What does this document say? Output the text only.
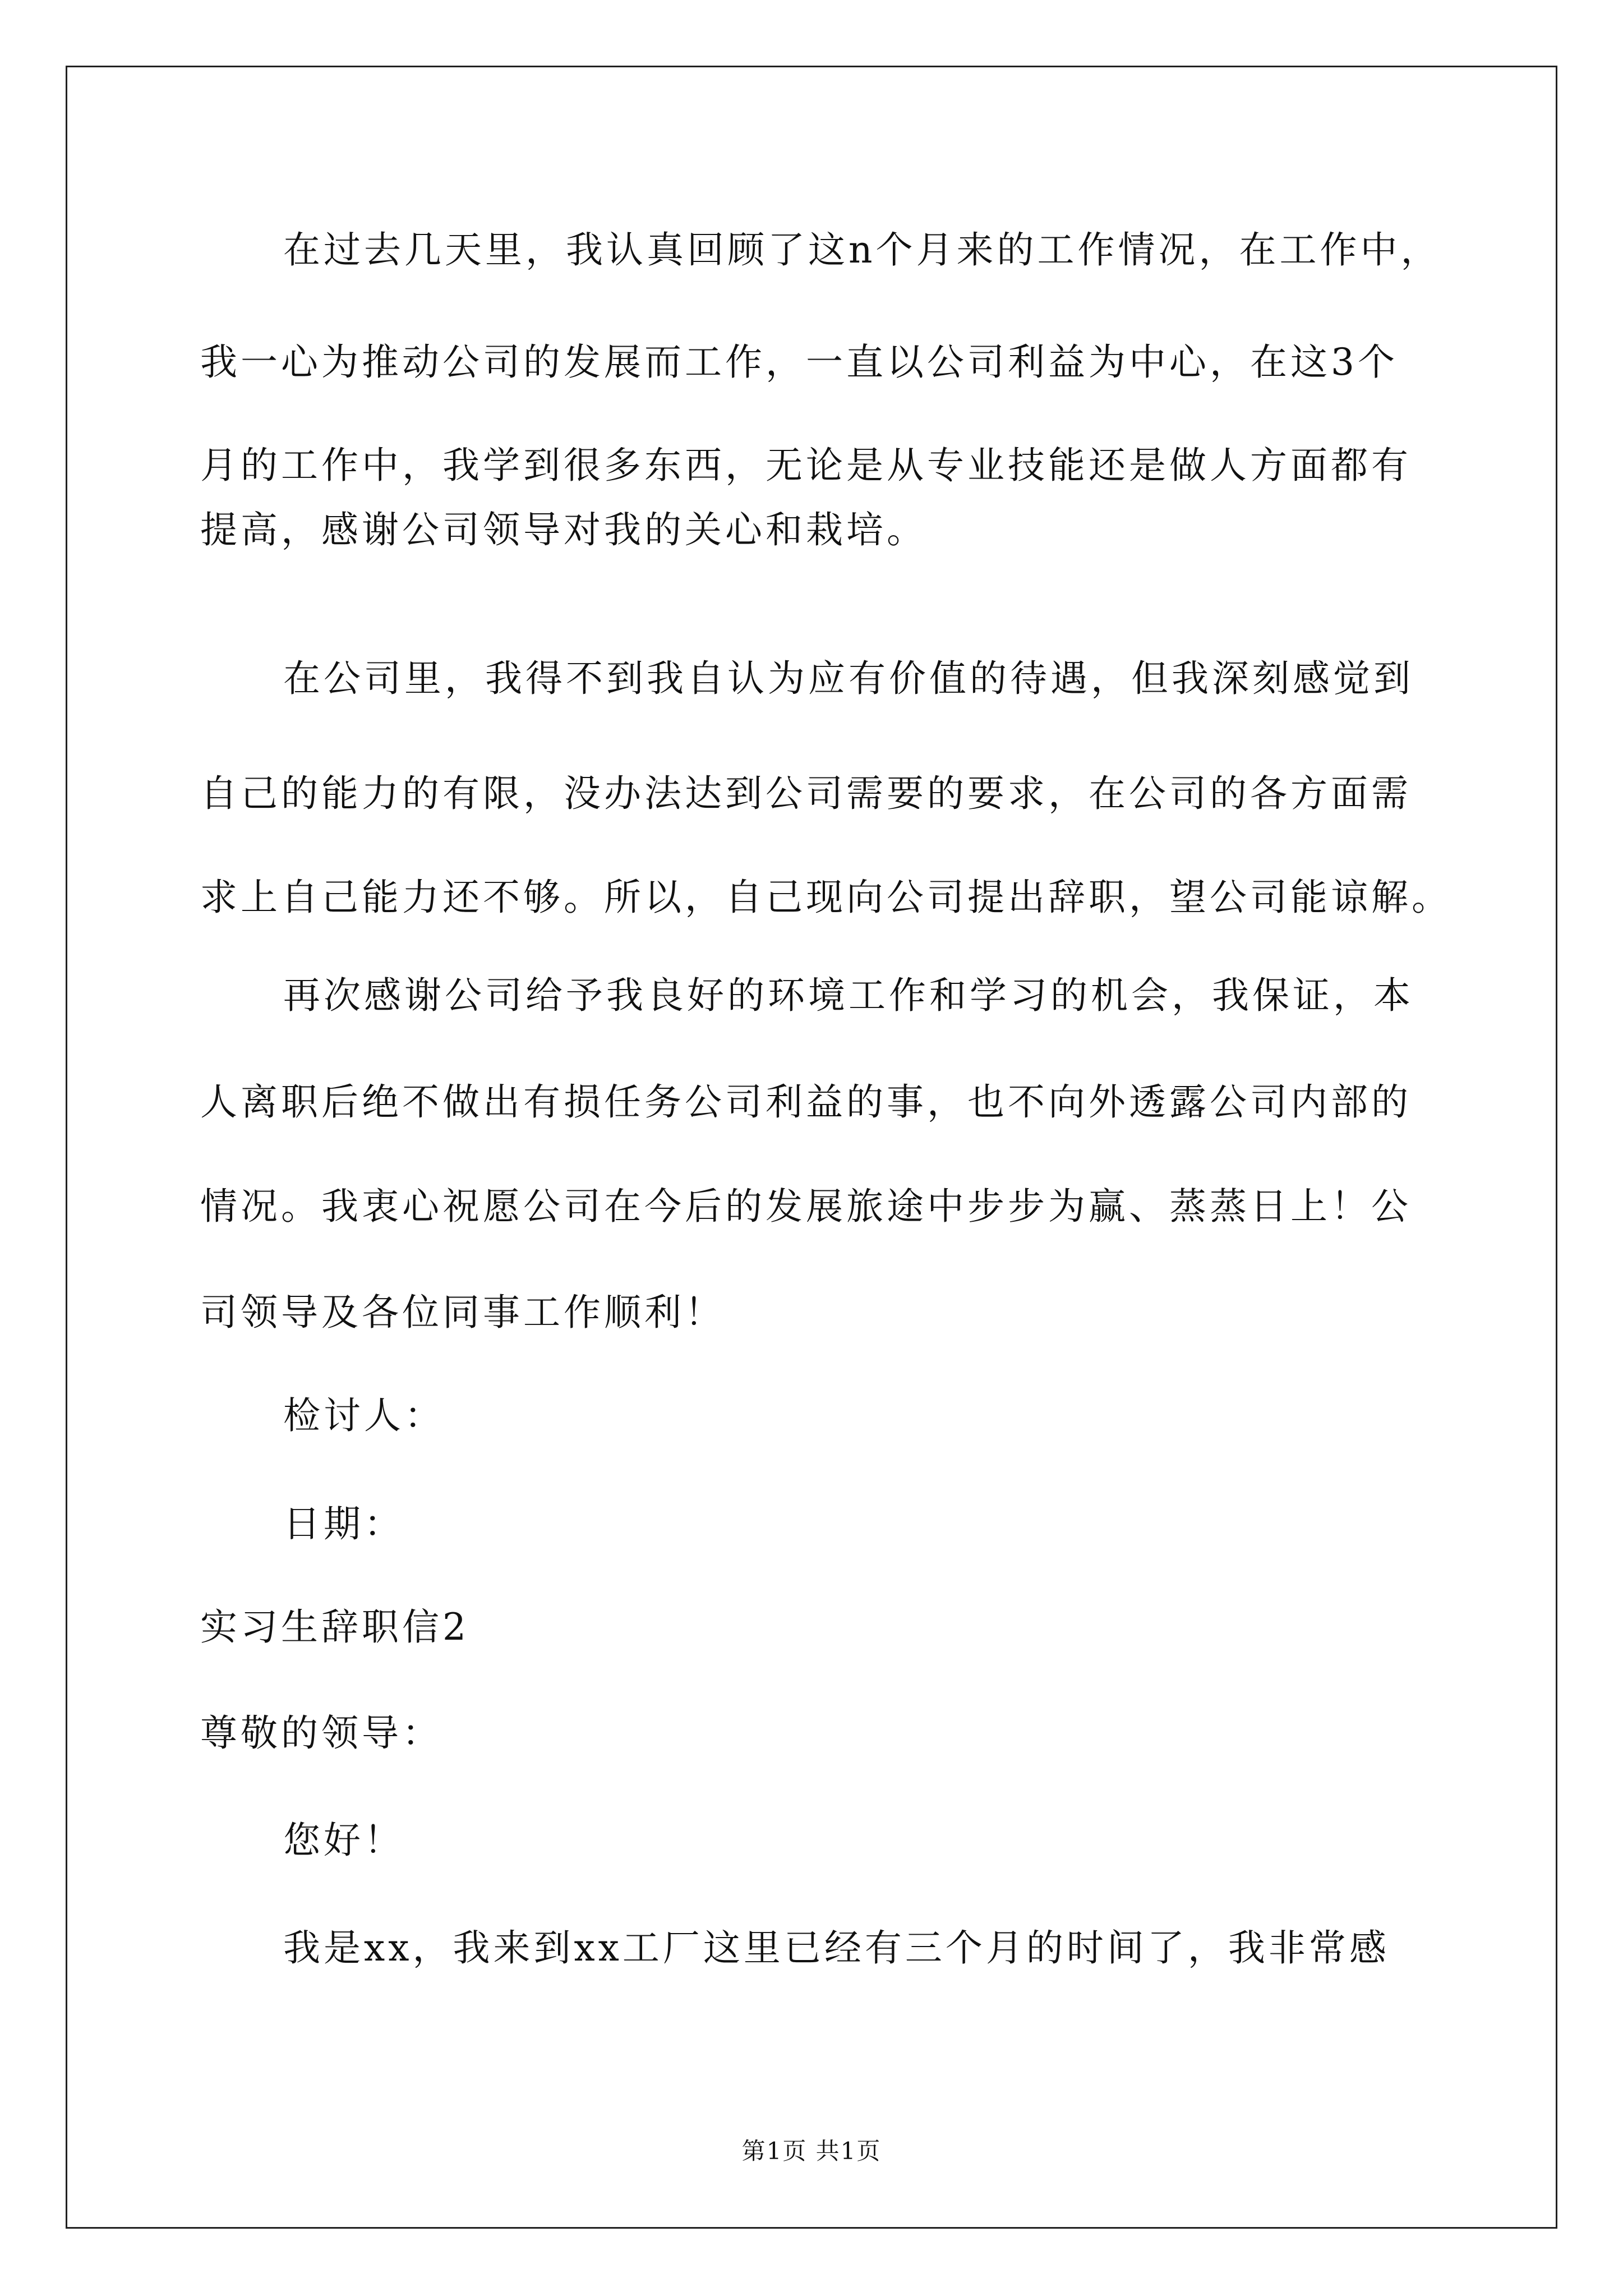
在过去几天里，我认真回顾了这n个月来的工作情况，在工作中，
我一心为推动公司的发展而工作，一直以公司利益为中心，在这3个
月的工作中，我学到很多东西，无论是从专业技能还是做人方面都有
提高，感谢公司领导对我的关心和栽培。
在公司里，我得不到我自认为应有价值的待遇，但我深刻感觉到
自己的能力的有限，没办法达到公司需要的要求，在公司的各方面需
求上自己能力还不够。所以，自己现向公司提出辞职，望公司能谅解。
再次感谢公司给予我良好的环境工作和学习的机会，我保证，本
人离职后绝不做出有损任务公司利益的事，也不向外透露公司内部的
情况。我衷心祝愿公司在今后的发展旅途中步步为赢、蒸蒸日上！公
司领导及各位同事工作顺利！
检讨人：
日期：
实习生辞职信2
尊敬的领导：
您好！
我是xx，我来到xx工厂这里已经有三个月的时间了，我非常感
第1页 共1页
